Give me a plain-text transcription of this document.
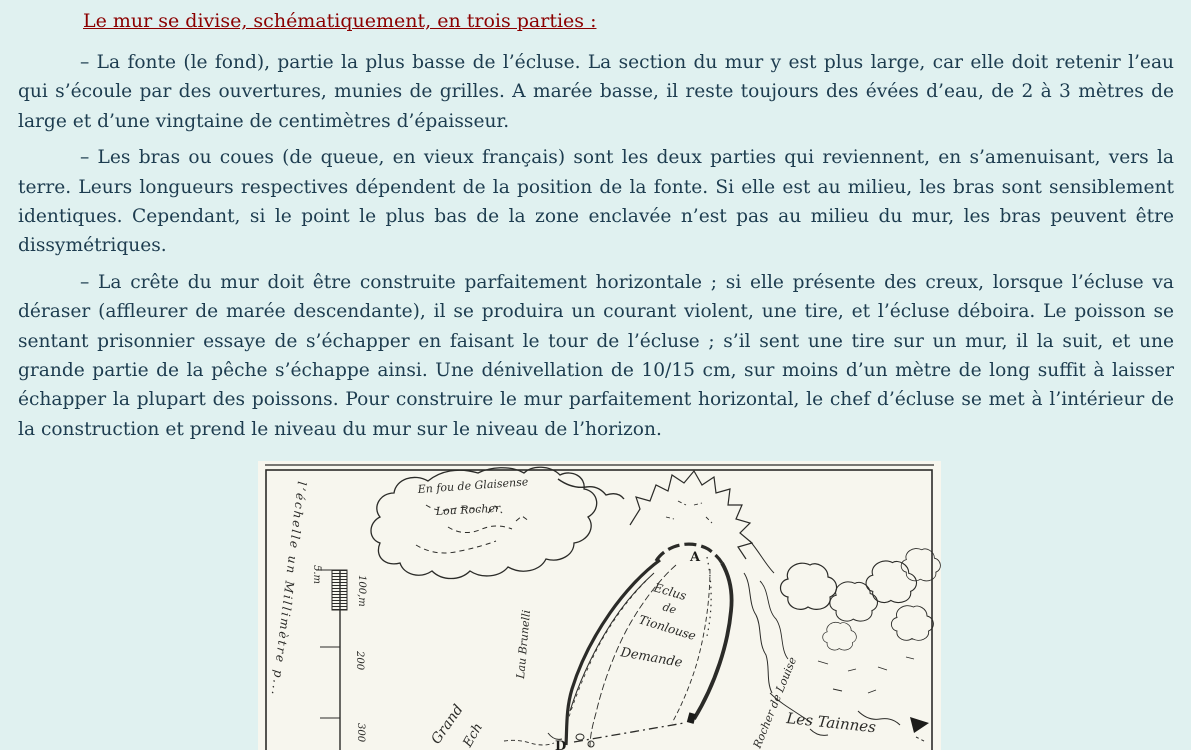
Le mur se divise, schématiquement, en trois parties :

– La fonte (le fond), partie la plus basse de l’écluse. La section du mur y est plus large, car elle doit retenir l’eau qui s’écoule par des ouvertures, munies de grilles. A marée basse, il reste toujours des évées d’eau, de 2 à 3 mètres de large et d’une vingtaine de centimètres d’épaisseur.

– Les bras ou coues (de queue, en vieux français) sont les deux parties qui reviennent, en s’amenuisant, vers la terre. Leurs longueurs respectives dépendent de la position de la fonte. Si elle est au milieu, les bras sont sensiblement identiques. Cependant, si le point le plus bas de la zone enclavée n’est pas au milieu du mur, les bras peuvent être dissymétriques.

– La crête du mur doit être construite parfaitement horizontale ; si elle présente des creux, lorsque l’écluse va déraser (affleurer de marée descendante), il se produira un courant violent, une tire, et l’écluse déboira. Le poisson se sentant prisonnier essaye de s’échapper en faisant le tour de l’écluse ; s’il sent une tire sur un mur, il la suit, et une grande partie de la pêche s’échappe ainsi. Une dénivellation de 10/15 cm, sur moins d’un mètre de long suffit à laisser échapper la plupart des poissons. Pour construire le mur parfaitement horizontal, le chef d’écluse se met à l’intérieur de la construction et prend le niveau du mur sur le niveau de l’horizon.

En fou de Glaisense
Lou Rocher
5.m
100,m
200
300
l’échelle un Millimètre p...	A
D
Eclus
de
Tionlouse
Demande
Lau Brunelli
Rocher de Louise
Les Tainnes
Grand
Ech
